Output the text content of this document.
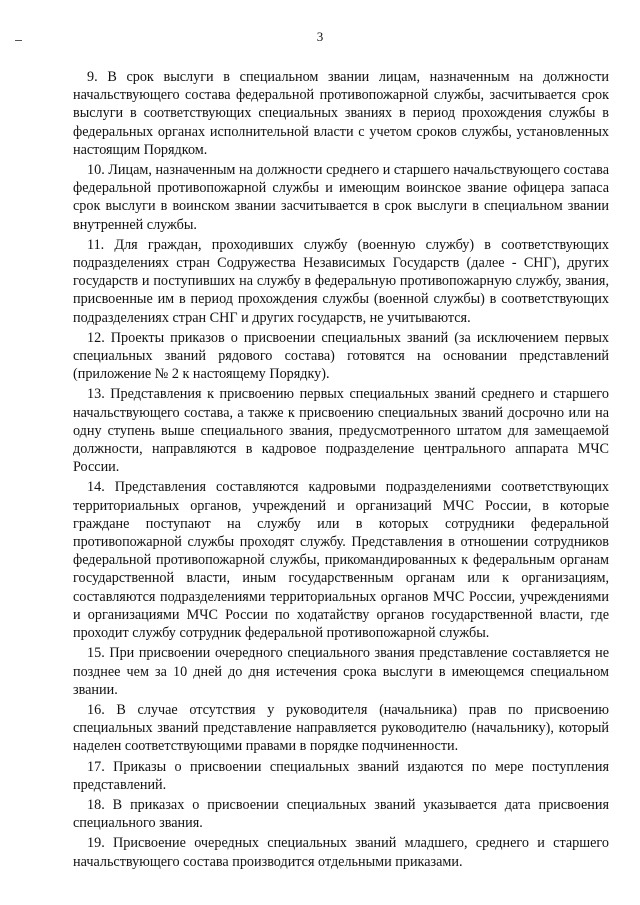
3

9. В срок выслуги в специальном звании лицам, назначенным на должности начальствующего состава федеральной противопожарной службы, засчитывается срок выслуги в соответствующих специальных званиях в период прохождения службы в федеральных органах исполнительной власти с учетом сроков службы, установленных настоящим Порядком.

10. Лицам, назначенным на должности среднего и старшего начальствующего состава федеральной противопожарной службы и имеющим воинское звание офицера запаса срок выслуги в воинском звании засчитывается в срок выслуги в специальном звании внутренней службы.

11. Для граждан, проходивших службу (военную службу) в соответствующих подразделениях стран Содружества Независимых Государств (далее - СНГ), других государств и поступивших на службу в федеральную противопожарную службу, звания, присвоенные им в период прохождения службы (военной службы) в соответствующих подразделениях стран СНГ и других государств, не учитываются.

12. Проекты приказов о присвоении специальных званий (за исключением первых специальных званий рядового состава) готовятся на основании представлений (приложение № 2 к настоящему Порядку).

13. Представления к присвоению первых специальных званий среднего и старшего начальствующего состава, а также к присвоению специальных званий досрочно или на одну ступень выше специального звания, предусмотренного штатом для замещаемой должности, направляются в кадровое подразделение центрального аппарата МЧС России.

14. Представления составляются кадровыми подразделениями соответствующих территориальных органов, учреждений и организаций МЧС России, в которые граждане поступают на службу или в которых сотрудники федеральной противопожарной службы проходят службу. Представления в отношении сотрудников федеральной противопожарной службы, прикомандированных к федеральным органам государственной власти, иным государственным органам или к организациям, составляются подразделениями территориальных органов МЧС России, учреждениями и организациями МЧС России по ходатайству органов государственной власти, где проходит службу сотрудник федеральной противопожарной службы.

15. При присвоении очередного специального звания представление составляется не позднее чем за 10 дней до дня истечения срока выслуги в имеющемся специальном звании.

16. В случае отсутствия у руководителя (начальника) прав по присвоению специальных званий представление направляется руководителю (начальнику), который наделен соответствующими правами в порядке подчиненности.

17. Приказы о присвоении специальных званий издаются по мере поступления представлений.

18. В приказах о присвоении специальных званий указывается дата присвоения специального звания.

19. Присвоение очередных специальных званий младшего, среднего и старшего начальствующего состава производится отдельными приказами.
